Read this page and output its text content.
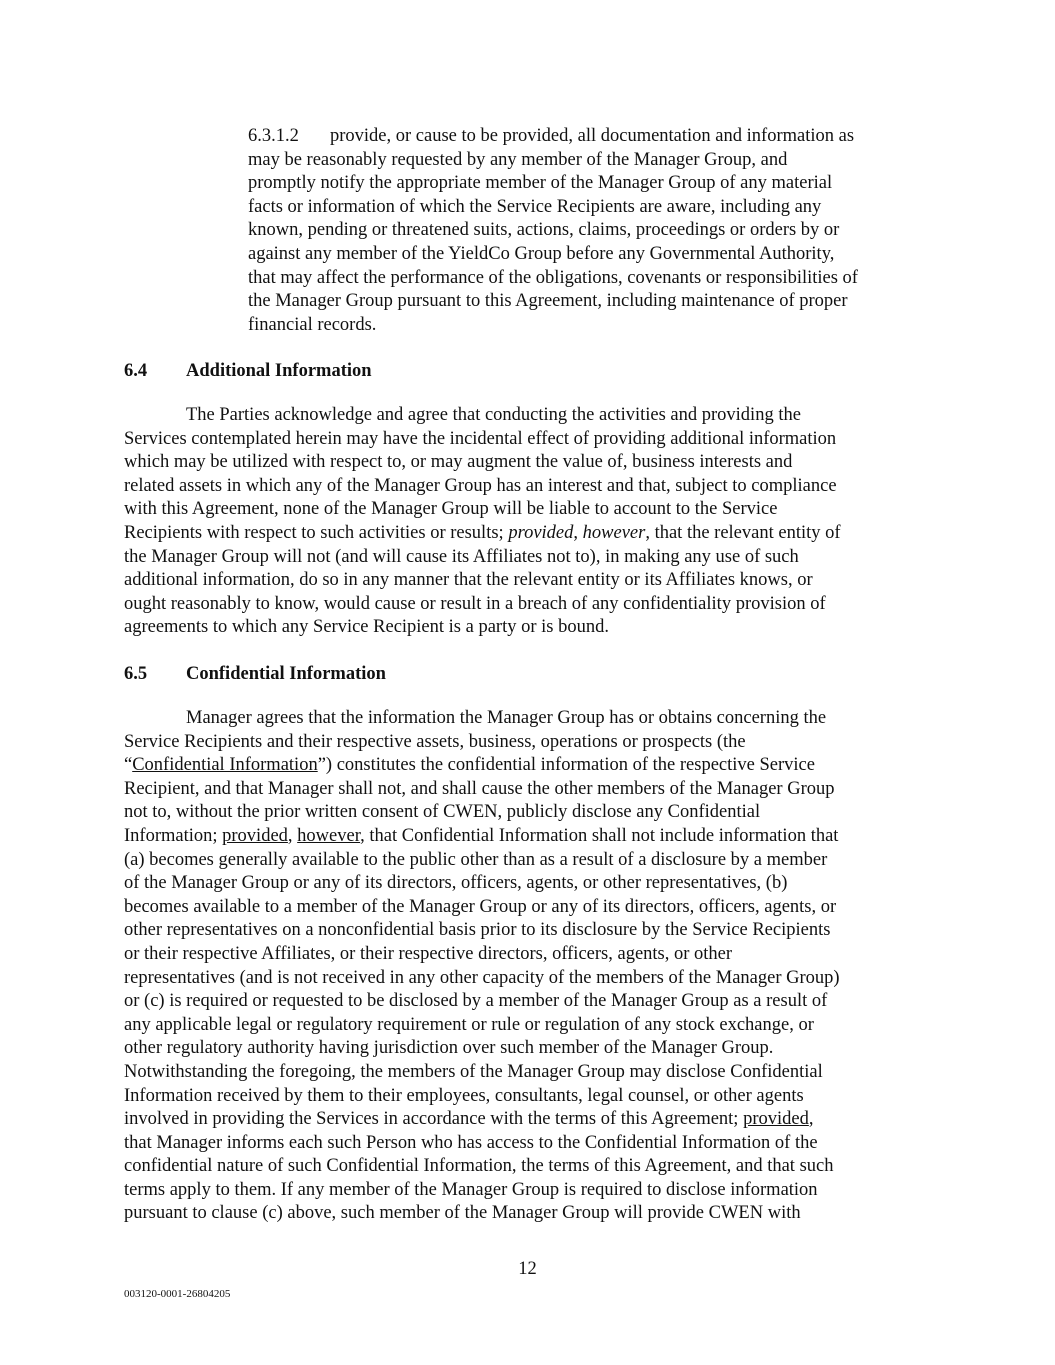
6.3.1.2 provide, or cause to be provided, all documentation and information as
may be reasonably requested by any member of the Manager Group, and
promptly notify the appropriate member of the Manager Group of any material
facts or information of which the Service Recipients are aware, including any
known, pending or threatened suits, actions, claims, proceedings or orders by or
against any member of the YieldCo Group before any Governmental Authority,
that may affect the performance of the obligations, covenants or responsibilities of
the Manager Group pursuant to this Agreement, including maintenance of proper
financial records.
6.4 Additional Information
The Parties acknowledge and agree that conducting the activities and providing the
Services contemplated herein may have the incidental effect of providing additional information
which may be utilized with respect to, or may augment the value of, business interests and
related assets in which any of the Manager Group has an interest and that, subject to compliance
with this Agreement, none of the Manager Group will be liable to account to the Service
Recipients with respect to such activities or results; provided, however, that the relevant entity of
the Manager Group will not (and will cause its Affiliates not to), in making any use of such
additional information, do so in any manner that the relevant entity or its Affiliates knows, or
ought reasonably to know, would cause or result in a breach of any confidentiality provision of
agreements to which any Service Recipient is a party or is bound.
6.5 Confidential Information
Manager agrees that the information the Manager Group has or obtains concerning the
Service Recipients and their respective assets, business, operations or prospects (the
“Confidential Information”) constitutes the confidential information of the respective Service
Recipient, and that Manager shall not, and shall cause the other members of the Manager Group
not to, without the prior written consent of CWEN, publicly disclose any Confidential
Information; provided, however, that Confidential Information shall not include information that
(a) becomes generally available to the public other than as a result of a disclosure by a member
of the Manager Group or any of its directors, officers, agents, or other representatives, (b)
becomes available to a member of the Manager Group or any of its directors, officers, agents, or
other representatives on a nonconfidential basis prior to its disclosure by the Service Recipients
or their respective Affiliates, or their respective directors, officers, agents, or other
representatives (and is not received in any other capacity of the members of the Manager Group)
or (c) is required or requested to be disclosed by a member of the Manager Group as a result of
any applicable legal or regulatory requirement or rule or regulation of any stock exchange, or
other regulatory authority having jurisdiction over such member of the Manager Group.
Notwithstanding the foregoing, the members of the Manager Group may disclose Confidential
Information received by them to their employees, consultants, legal counsel, or other agents
involved in providing the Services in accordance with the terms of this Agreement; provided,
that Manager informs each such Person who has access to the Confidential Information of the
confidential nature of such Confidential Information, the terms of this Agreement, and that such
terms apply to them. If any member of the Manager Group is required to disclose information
pursuant to clause (c) above, such member of the Manager Group will provide CWEN with
12
003120-0001-26804205
